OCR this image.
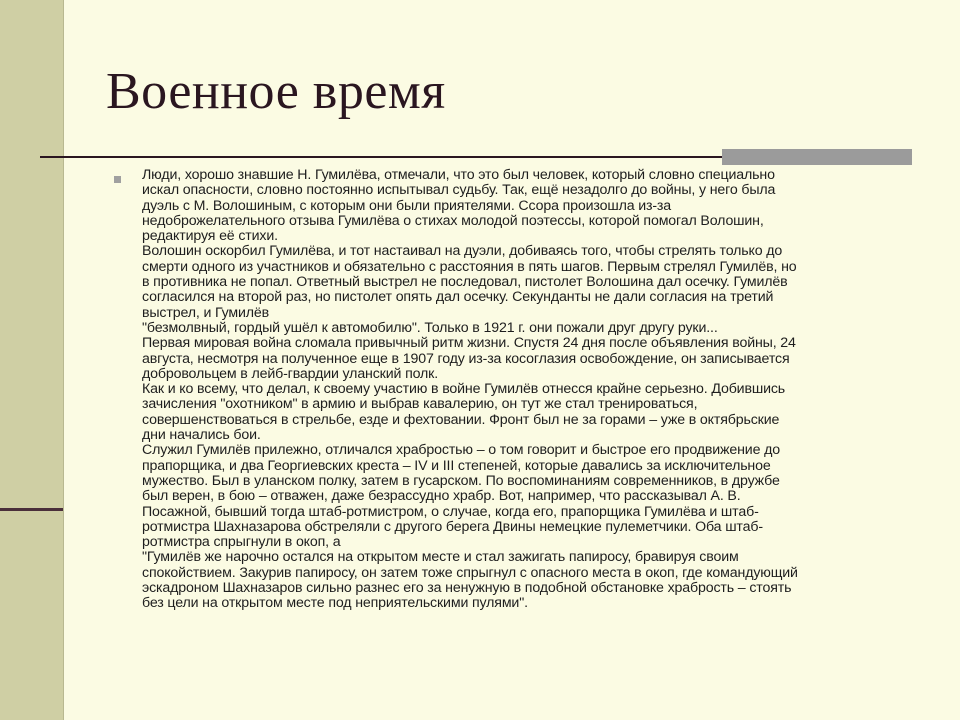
Военное время
Люди, хорошо знавшие Н. Гумилёва, отмечали, что это был человек, который словно специально
искал опасности, словно постоянно испытывал судьбу. Так, ещё незадолго до войны, у него была
дуэль с М. Волошиным, с которым они были приятелями. Ссора произошла из-за
недоброжелательного отзыва Гумилёва о стихах молодой поэтессы, которой помогал Волошин,
редактируя её стихи.
Волошин оскорбил Гумилёва, и тот настаивал на дуэли, добиваясь того, чтобы стрелять только до
смерти одного из участников и обязательно с расстояния в пять шагов. Первым стрелял Гумилёв, но
в противника не попал. Ответный выстрел не последовал, пистолет Волошина дал осечку. Гумилёв
согласился на второй раз, но пистолет опять дал осечку. Секунданты не дали согласия на третий
выстрел, и Гумилёв
"безмолвный, гордый ушёл к автомобилю". Только в 1921 г. они пожали друг другу руки...
Первая мировая война сломала привычный ритм жизни. Спустя 24 дня после объявления войны, 24
августа, несмотря на полученное еще в 1907 году из-за косоглазия освобождение, он записывается
добровольцем в лейб-гвардии уланский полк.
Как и ко всему, что делал, к своему участию в войне Гумилёв отнесся крайне серьезно. Добившись
зачисления "охотником" в армию и выбрав кавалерию, он тут же стал тренироваться,
совершенствоваться в стрельбе, езде и фехтовании. Фронт был не за горами – уже в октябрьские
дни начались бои.
Служил Гумилёв прилежно, отличался храбростью – о том говорит и быстрое его продвижение до
прапорщика, и два Георгиевских креста – IV и III степеней, которые давались за исключительное
мужество. Был в уланском полку, затем в гусарском. По воспоминаниям современников, в дружбе
был верен, в бою – отважен, даже безрассудно храбр. Вот, например, что рассказывал А. В.
Посажной, бывший тогда штаб-ротмистром, о случае, когда его, прапорщика Гумилёва и штаб-
ротмистра Шахназарова обстреляли с другого берега Двины немецкие пулеметчики. Оба штаб-
ротмистра спрыгнули в окоп, а
"Гумилёв же нарочно остался на открытом месте и стал зажигать папиросу, бравируя своим
спокойствием. Закурив папиросу, он затем тоже спрыгнул с опасного места в окоп, где командующий
эскадроном Шахназаров сильно разнес его за ненужную в подобной обстановке храбрость – стоять
без цели на открытом месте под неприятельскими пулями".
